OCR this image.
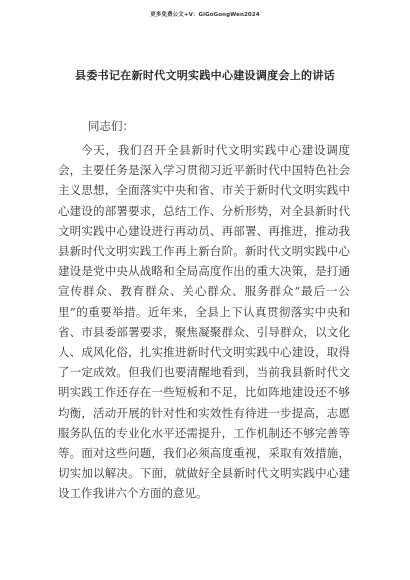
更多免费公文+V：GiGoGongWen2024
县委书记在新时代文明实践中心建设调度会上的讲话
同志们：

今天，我们召开全县新时代文明实践中心建设调度会，主要任务是深入学习贯彻习近平新时代中国特色社会主义思想，全面落实中央和省、市关于新时代文明实践中心建设的部署要求，总结工作、分析形势，对全县新时代文明实践中心建设进行再动员、再部署、再推进，推动我县新时代文明实践工作再上新台阶。新时代文明实践中心建设是党中央从战略和全局高度作出的重大决策，是打通宣传群众、教育群众、关心群众、服务群众“最后一公里”的重要举措。近年来，全县上下认真贯彻落实中央和省、市县委部署要求，聚焦凝聚群众、引导群众，以文化人、成风化俗，扎实推进新时代文明实践中心建设，取得了一定成效。但我们也要清醒地看到，当前我县新时代文明实践工作还存在一些短板和不足，比如阵地建设还不够均衡，活动开展的针对性和实效性有待进一步提高，志愿服务队伍的专业化水平还需提升，工作机制还不够完善等等。面对这些问题，我们必须高度重视，采取有效措施，切实加以解决。下面，就做好全县新时代文明实践中心建设工作我讲六个方面的意见。
